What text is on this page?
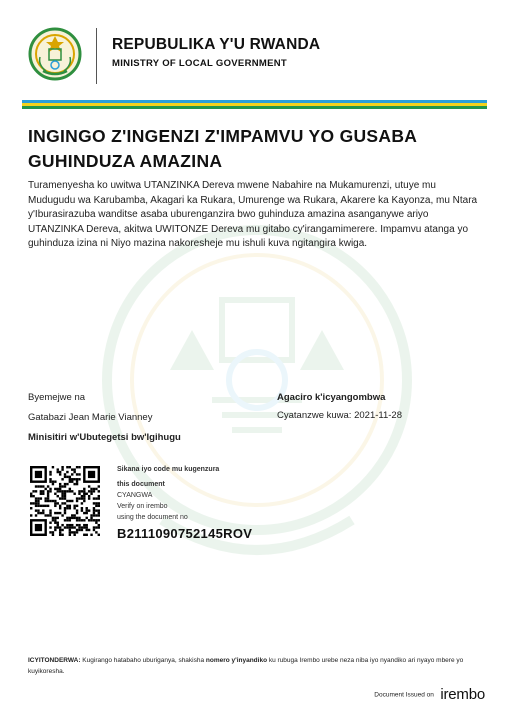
REPUBULIKA Y'U RWANDA
MINISTRY OF LOCAL GOVERNMENT
INGINGO Z'INGENZI Z'IMPAMVU YO GUSABA GUHINDUZA AMAZINA
Turamenyesha ko uwitwa UTANZINKA Dereva mwene Nabahire na Mukamurenzi, utuye mu Mudugudu wa Karubamba, Akagari ka Rukara, Umurenge wa Rukara, Akarere ka Kayonza, mu Ntara y'Iburasirazuba wanditse asaba uburenganzira bwo guhinduza amazina asanganywe ariyo UTANZINKA Dereva, akitwa UWITONZE Dereva mu gitabo cy'irangamimerere. Impamvu atanga yo guhinduza izina ni Niyo mazina nakoresheje mu ishuli kuva ngitangira kwiga.
Byemejwe na
Gatabazi Jean Marie Vianney
Minisitiri w'Ubutegetsi bw'Igihugu
Agaciro k'icyangombwa
Cyatanzwe kuwa: 2021-11-28
Sikana iyo code mu kugenzura
this document
CYANGWA
Verify on irembo
using the document no
B2111090752145ROV
ICYITONDERWA: Kugirango hatabaho uburiganya, shakisha nomero y'inyandiko ku rubuga Irembo urebe neza niba iyo nyandiko ari nyayo mbere yo kuyikoresha.
Document Issued on irembo
